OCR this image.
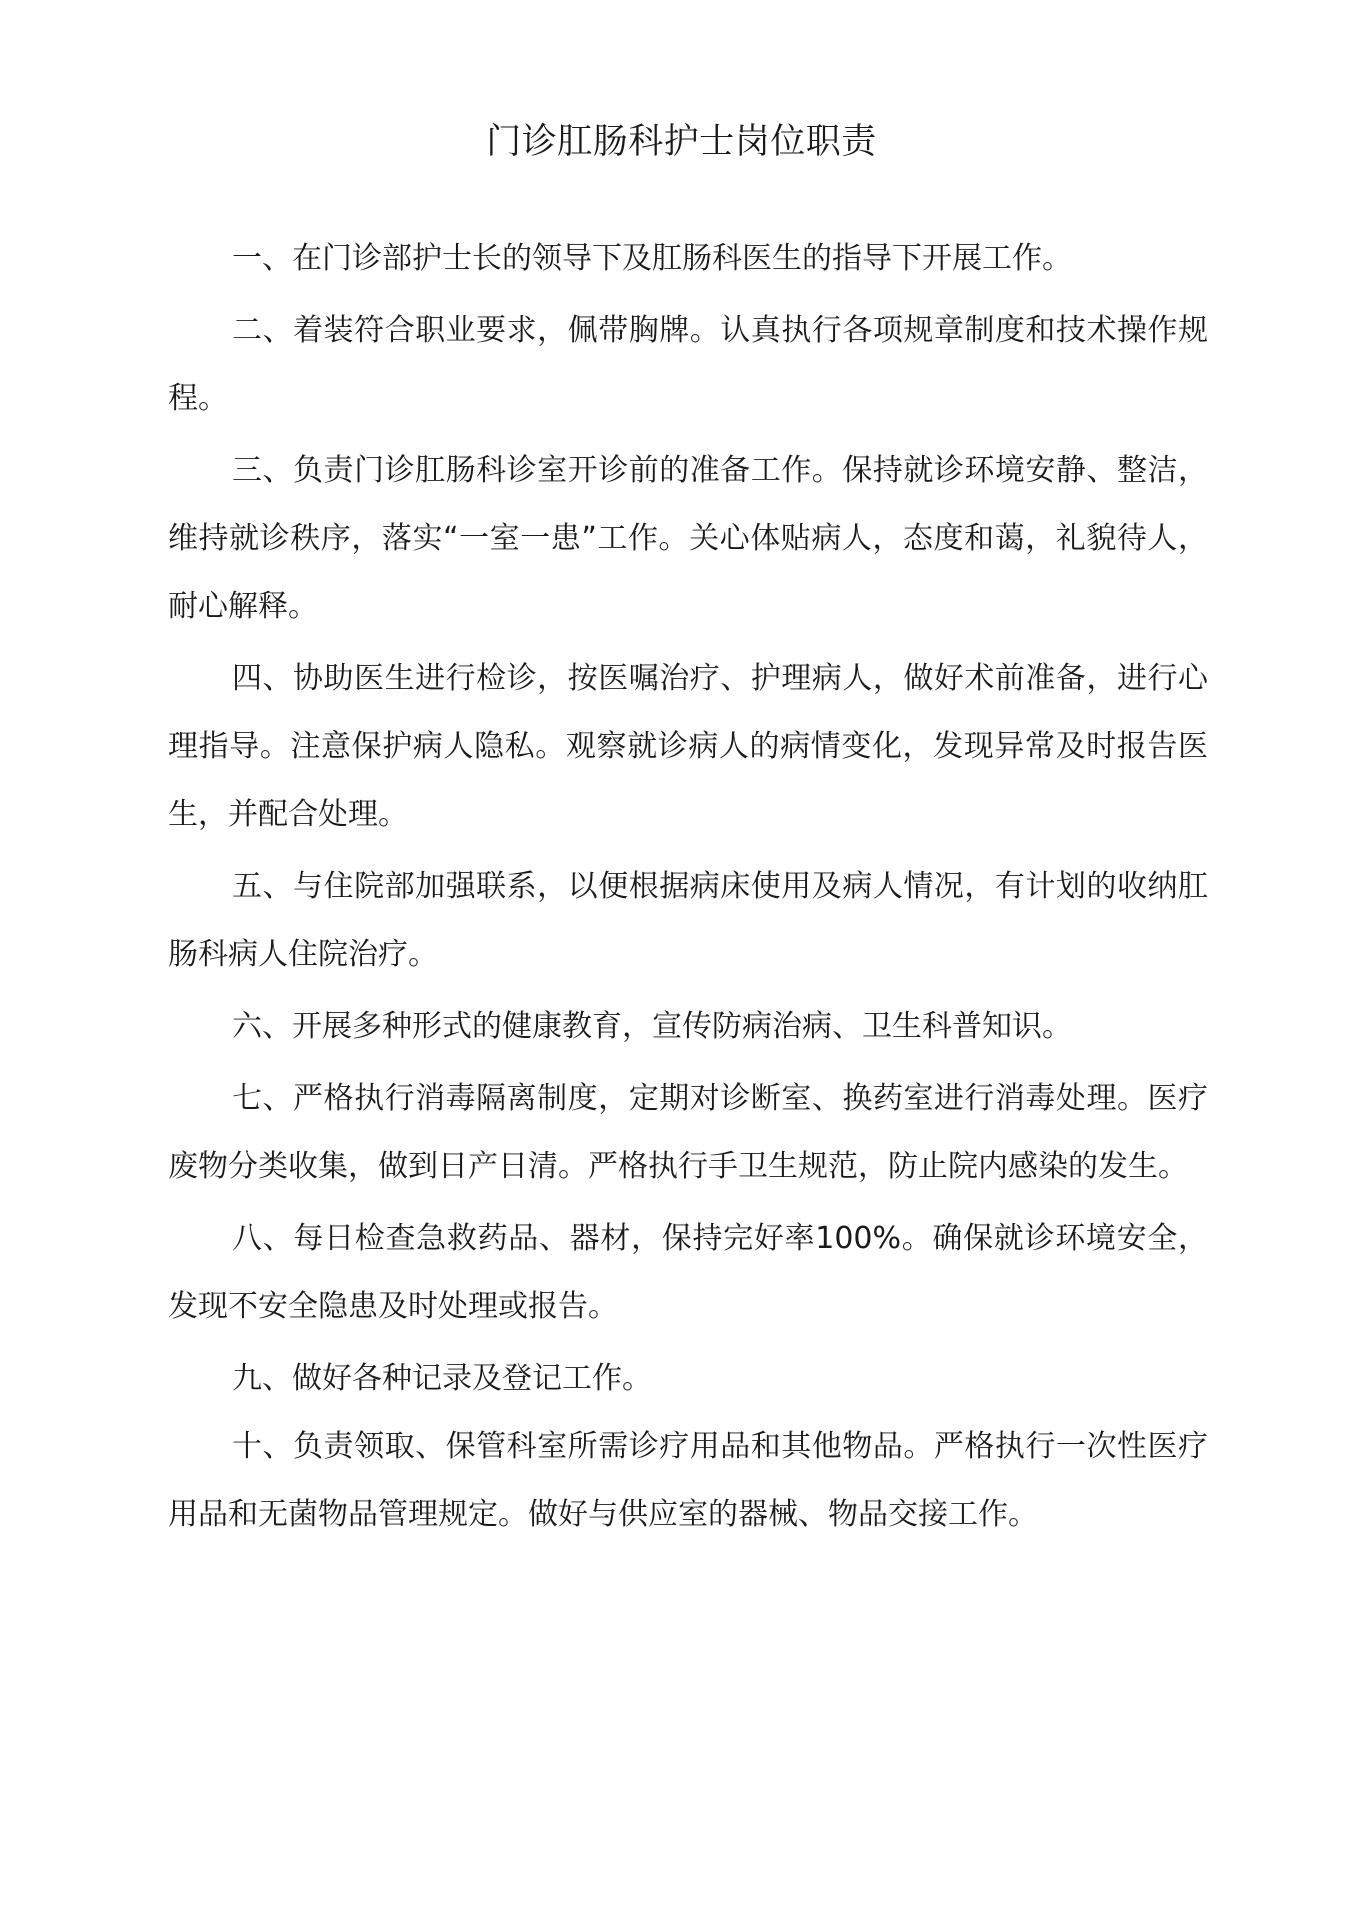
门诊肛肠科护士岗位职责

一、在门诊部护士长的领导下及肛肠科医生的指导下开展工作。

二、着装符合职业要求，佩带胸牌。认真执行各项规章制度和技术操作规程。

三、负责门诊肛肠科诊室开诊前的准备工作。保持就诊环境安静、整洁，维持就诊秩序，落实“一室一患”工作。关心体贴病人，态度和蔼，礼貌待人，耐心解释。

四、协助医生进行检诊，按医嘱治疗、护理病人，做好术前准备，进行心理指导。注意保护病人隐私。观察就诊病人的病情变化，发现异常及时报告医生，并配合处理。

五、与住院部加强联系，以便根据病床使用及病人情况，有计划的收纳肛肠科病人住院治疗。

六、开展多种形式的健康教育，宣传防病治病、卫生科普知识。

七、严格执行消毒隔离制度，定期对诊断室、换药室进行消毒处理。医疗废物分类收集，做到日产日清。严格执行手卫生规范，防止院内感染的发生。

八、每日检查急救药品、器材，保持完好率100%。确保就诊环境安全，发现不安全隐患及时处理或报告。

九、做好各种记录及登记工作。

十、负责领取、保管科室所需诊疗用品和其他物品。严格执行一次性医疗用品和无菌物品管理规定。做好与供应室的器械、物品交接工作。
